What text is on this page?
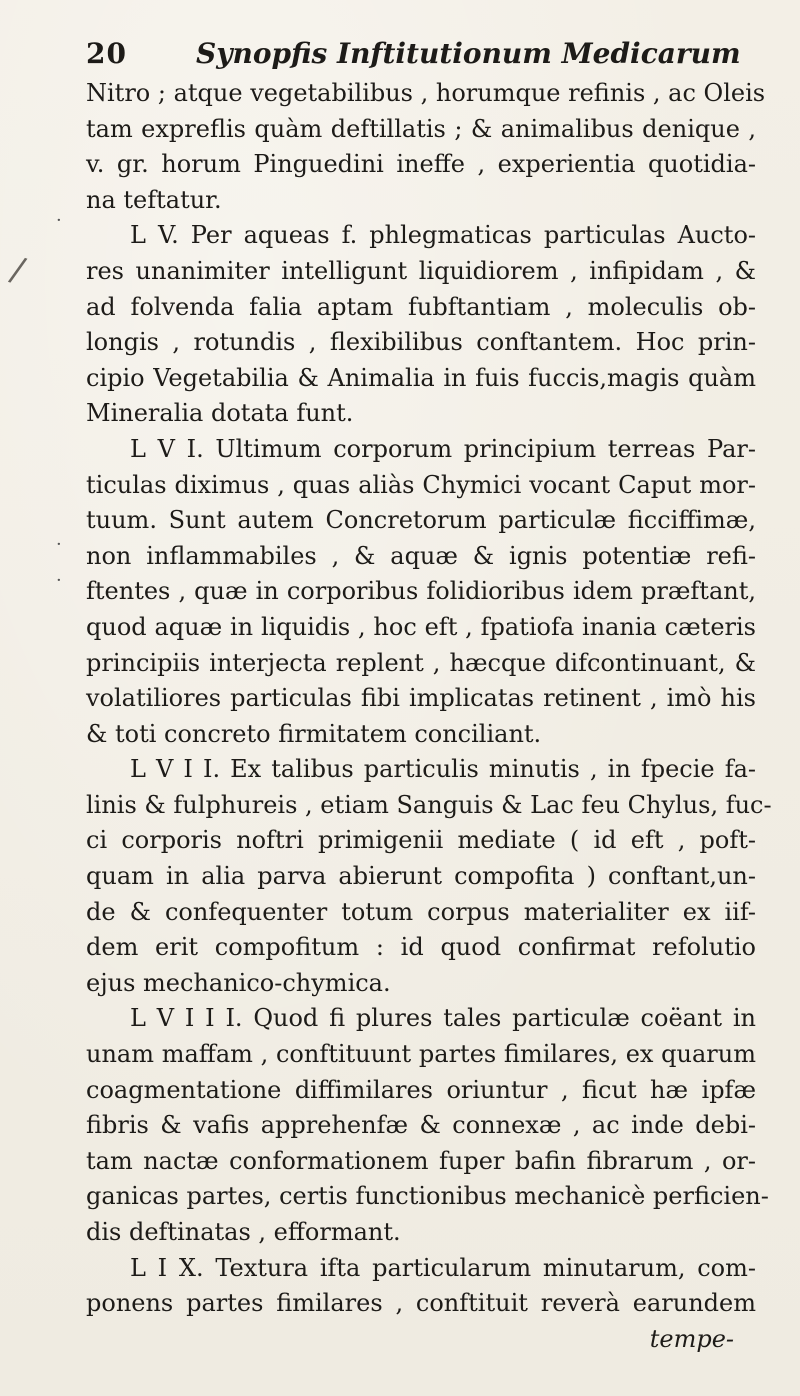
/
·
·
·
20	Synopfis Inftitutionum Medicarum
Nitro ; atque vegetabilibus , horumque refinis , ac Oleis
tam expreflis quàm deftillatis ; & animalibus denique ,
v. gr. horum Pinguedini ineffe , experientia quotidia-
na teftatur.
L V. Per aqueas f. phlegmaticas particulas Aucto-
res unanimiter intelligunt liquidiorem , infipidam , &
ad folvenda falia aptam fubftantiam , moleculis ob-
longis , rotundis , flexibilibus conftantem. Hoc prin-
cipio Vegetabilia & Animalia in fuis fuccis,magis quàm
Mineralia dotata funt.
L V I. Ultimum corporum principium terreas Par-
ticulas diximus , quas aliàs Chymici vocant Caput mor-
tuum. Sunt autem Concretorum particulæ ficciffimæ,
non inflammabiles , & aquæ & ignis potentiæ refi-
ftentes , quæ in corporibus folidioribus idem præftant,
quod aquæ in liquidis , hoc eft , fpatiofa inania cæteris
principiis interjecta replent , hæcque difcontinuant, &
volatiliores particulas fibi implicatas retinent , imò his
& toti concreto firmitatem conciliant.
L V I I. Ex talibus particulis minutis , in fpecie fa-
linis & fulphureis , etiam Sanguis & Lac feu Chylus, fuc-
ci corporis noftri primigenii mediate ( id eft , poft-
quam in alia parva abierunt compofita ) conftant,un-
de & confequenter totum corpus materialiter ex iif-
dem erit compofitum : id quod confirmat refolutio
ejus mechanico-chymica.
L V I I I. Quod fi plures tales particulæ coëant in
unam maffam , conftituunt partes fimilares, ex quarum
coagmentatione diffimilares oriuntur , ficut hæ ipfæ
fibris & vafis apprehenfæ & connexæ , ac inde debi-
tam nactæ conformationem fuper bafin fibrarum , or-
ganicas partes, certis functionibus mechanicè perficien-
dis deftinatas , efformant.
L I X. Textura ifta particularum minutarum, com-
ponens partes fimilares , conftituit reverà earundem
tempe-
